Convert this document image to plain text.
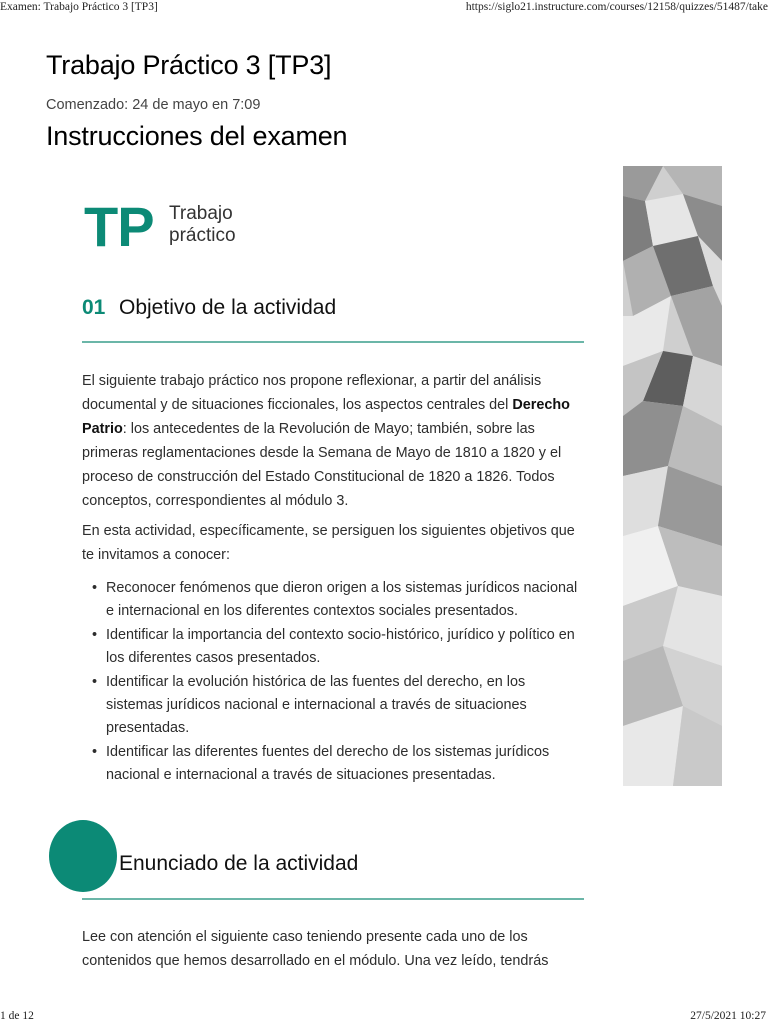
Examen: Trabajo Práctico 3 [TP3]	https://siglo21.instructure.com/courses/12158/quizzes/51487/take
Trabajo Práctico 3 [TP3]
Comenzado: 24 de mayo en 7:09
Instrucciones del examen
TP Trabajo
práctico
01 Objetivo de la actividad

El siguiente trabajo práctico nos propone reflexionar, a partir del análisis documental y de situaciones ficcionales, los aspectos centrales del Derecho Patrio: los antecedentes de la Revolución de Mayo; también, sobre las primeras reglamentaciones desde la Semana de Mayo de 1810 a 1820 y el proceso de construcción del Estado Constitucional de 1820 a 1826. Todos conceptos, correspondientes al módulo 3.

En esta actividad, específicamente, se persiguen los siguientes objetivos que te invitamos a conocer:

• Reconocer fenómenos que dieron origen a los sistemas jurídicos nacional e internacional en los diferentes contextos sociales presentados.
• Identificar la importancia del contexto socio-histórico, jurídico y político en los diferentes casos presentados.
• Identificar la evolución histórica de las fuentes del derecho, en los sistemas jurídicos nacional e internacional a través de situaciones presentadas.
• Identificar las diferentes fuentes del derecho de los sistemas jurídicos nacional e internacional a través de situaciones presentadas.
Enunciado de la actividad

Lee con atención el siguiente caso teniendo presente cada uno de los contenidos que hemos desarrollado en el módulo. Una vez leído, tendrás

1 de 12	27/5/2021 10:27
